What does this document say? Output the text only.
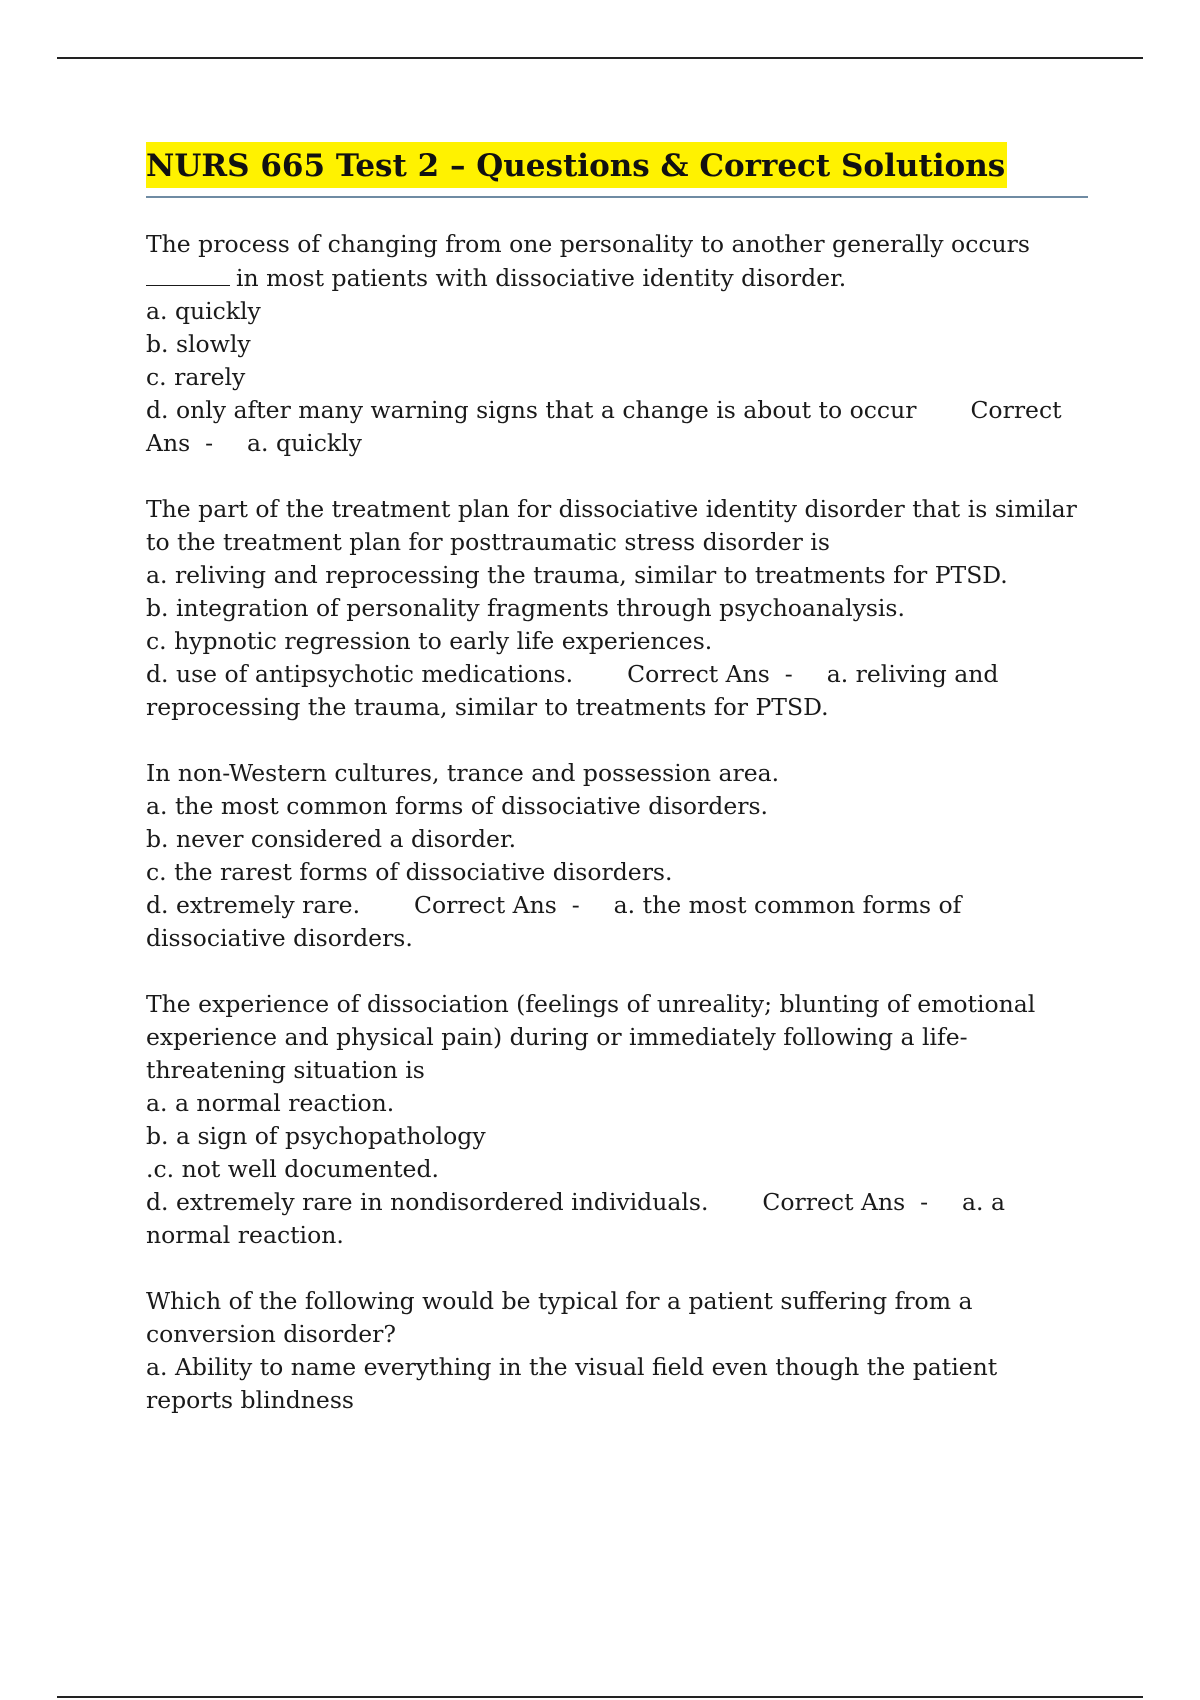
NURS 665 Test 2 – Questions & Correct Solutions
The process of changing from one personality to another generally occurs
in most patients with dissociative identity disorder.
a. quickly
b. slowly
c. rarely
d. only after many warning signs that a change is about to occur Correct
Ans  - a. quickly
The part of the treatment plan for dissociative identity disorder that is similar
to the treatment plan for posttraumatic stress disorder is
a. reliving and reprocessing the trauma, similar to treatments for PTSD.
b. integration of personality fragments through psychoanalysis.
c. hypnotic regression to early life experiences.
d. use of antipsychotic medications. Correct Ans  - a. reliving and
reprocessing the trauma, similar to treatments for PTSD.
In non-Western cultures, trance and possession area.
a. the most common forms of dissociative disorders.
b. never considered a disorder.
c. the rarest forms of dissociative disorders.
d. extremely rare. Correct Ans  - a. the most common forms of
dissociative disorders.
The experience of dissociation (feelings of unreality; blunting of emotional
experience and physical pain) during or immediately following a life-
threatening situation is
a. a normal reaction.
b. a sign of psychopathology
.c. not well documented.
d. extremely rare in nondisordered individuals. Correct Ans  - a. a
normal reaction.
Which of the following would be typical for a patient suffering from a
conversion disorder?
a. Ability to name everything in the visual field even though the patient
reports blindness
